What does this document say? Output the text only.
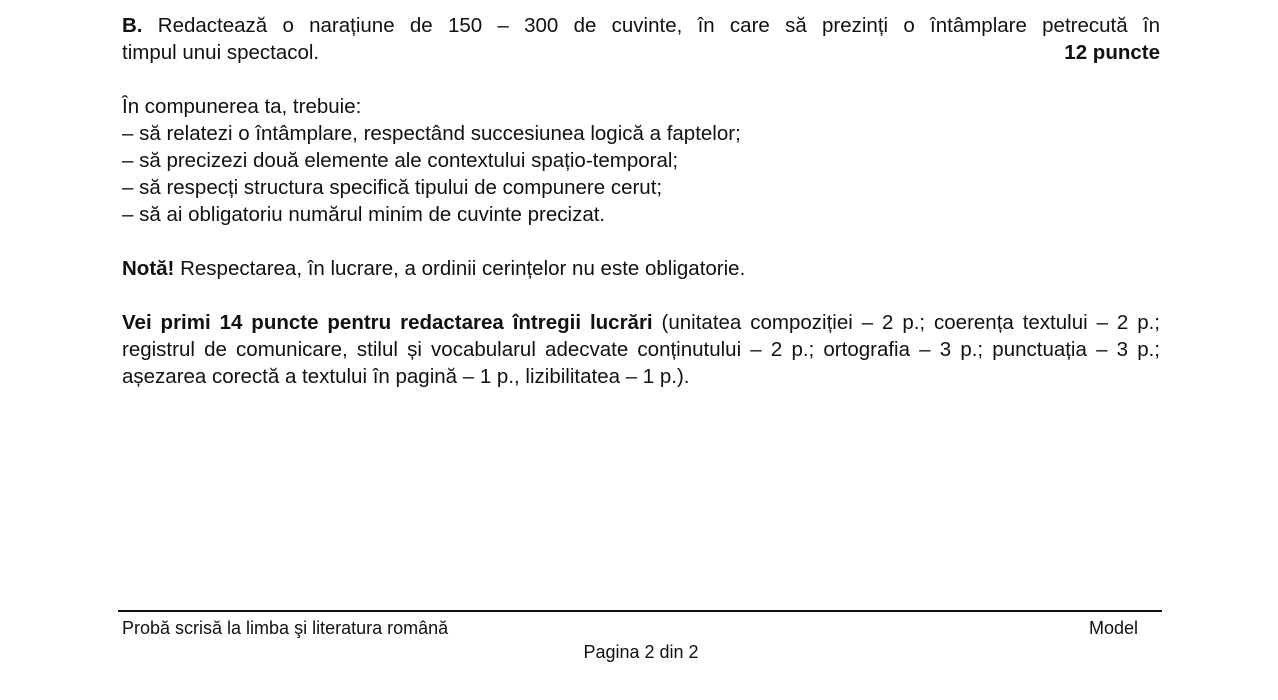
B. Redactează o narațiune de 150 – 300 de cuvinte, în care să prezinți o întâmplare petrecută în
timpul unui spectacol.	12 puncte
În compunerea ta, trebuie:
– să relatezi o întâmplare, respectând succesiunea logică a faptelor;
– să precizezi două elemente ale contextului spațio-temporal;
– să respecți structura specifică tipului de compunere cerut;
– să ai obligatoriu numărul minim de cuvinte precizat.
Notă! Respectarea, în lucrare, a ordinii cerințelor nu este obligatorie.
Vei primi 14 puncte pentru redactarea întregii lucrări (unitatea compoziției – 2 p.; coerența textului – 2 p.; registrul de comunicare, stilul și vocabularul adecvate conținutului – 2 p.; ortografia – 3 p.; punctuația – 3 p.; așezarea corectă a textului în pagină – 1 p., lizibilitatea – 1 p.).
Probă scrisă la limba şi literatura română	Model
Pagina 2 din 2
